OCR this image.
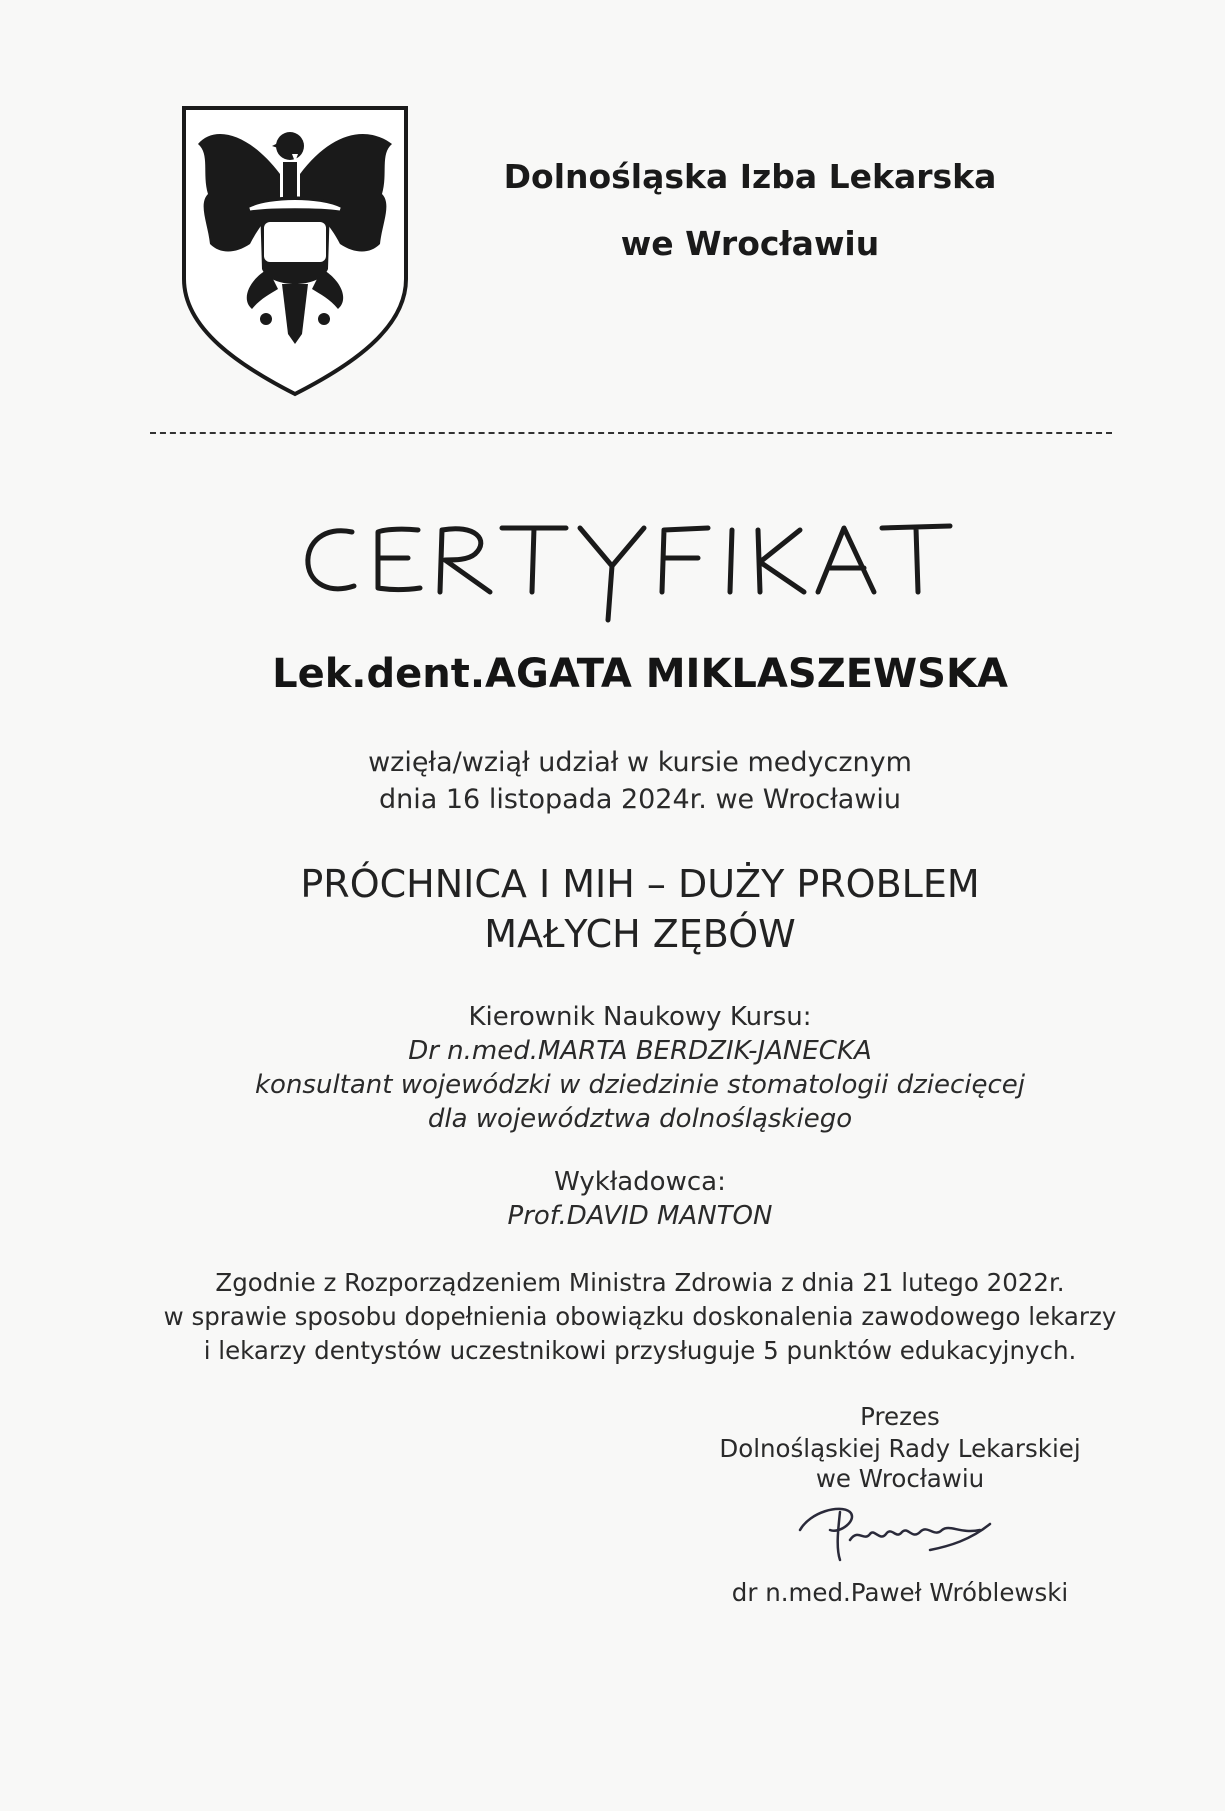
Dolnośląska Izba Lekarska
we Wrocławiu
Lek.dent.AGATA MIKLASZEWSKA
wzięła/wziął udział w kursie medycznym
dnia 16 listopada 2024r. we Wrocławiu
PRÓCHNICA I MIH – DUŻY PROBLEM
MAŁYCH ZĘBÓW
Kierownik Naukowy Kursu:
Dr n.med.MARTA BERDZIK-JANECKA
konsultant wojewódzki w dziedzinie stomatologii dziecięcej
dla województwa dolnośląskiego
Wykładowca:
Prof.DAVID MANTON
Zgodnie z Rozporządzeniem Ministra Zdrowia z dnia 21 lutego 2022r.
w sprawie sposobu dopełnienia obowiązku doskonalenia zawodowego lekarzy
i lekarzy dentystów uczestnikowi przysługuje 5 punktów edukacyjnych.
Prezes
Dolnośląskiej Rady Lekarskiej
we Wrocławiu
dr n.med.Paweł Wróblewski
